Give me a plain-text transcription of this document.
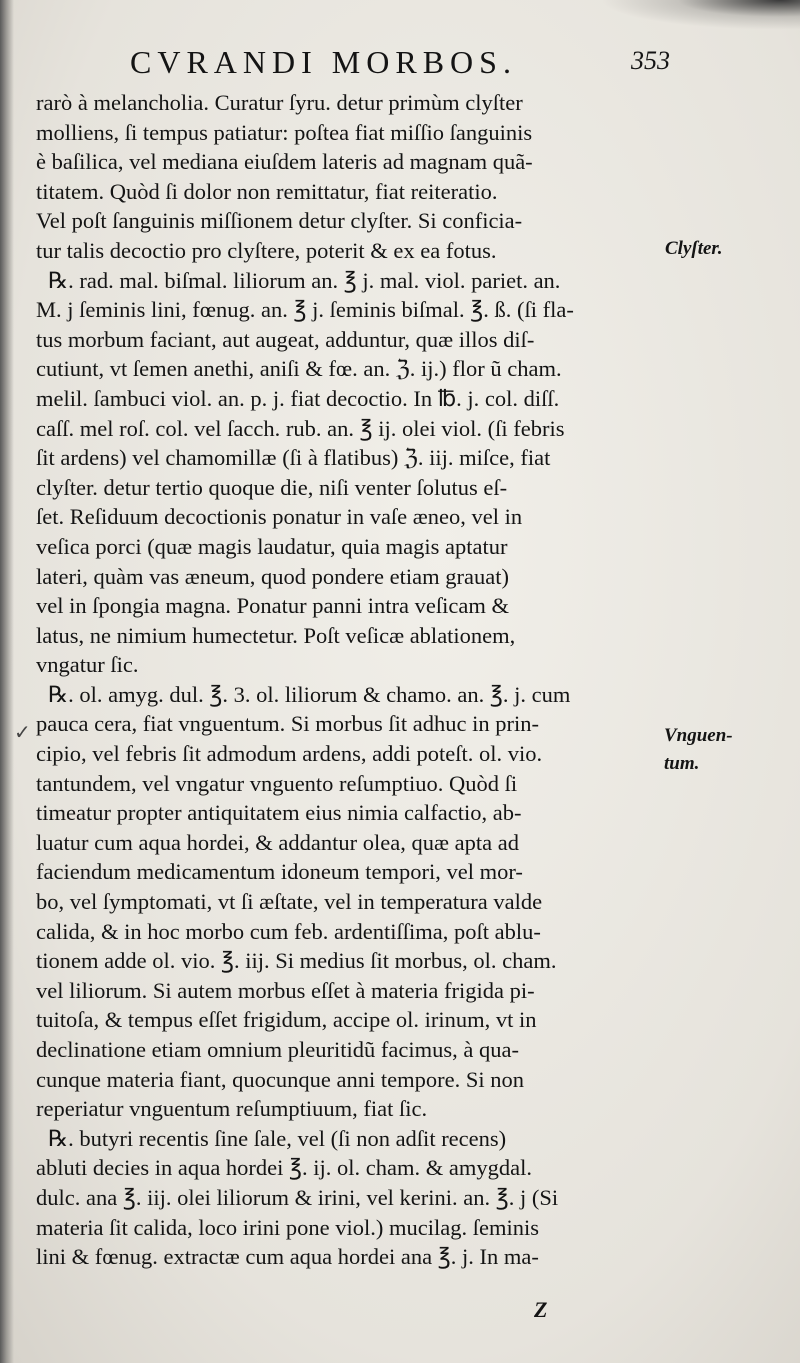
CVRANDI MORBOS.	353
rarò à melancholia. Curatur ſyru. detur primùm clyſter
molliens, ſi tempus patiatur: poſtea fiat miſſio ſanguinis
è baſilica, vel mediana eiuſdem lateris ad magnam quã-
titatem. Quòd ſi dolor non remittatur, fiat reiteratio.
Vel poſt ſanguinis miſſionem detur clyſter. Si conficia-
tur talis decoctio pro clyſtere, poterit & ex ea fotus.
℞. rad. mal. biſmal. liliorum an. ℥ j. mal. viol. pariet. an.
M. j ſeminis lini, fœnug. an. ℥ j. ſeminis biſmal. ℥. ß. (ſi fla-
tus morbum faciant, aut augeat, adduntur, quæ illos diſ-
cutiunt, vt ſemen anethi, aniſi & fœ. an. ℨ. ij.) flor ũ cham.
melil. ſambuci viol. an. p. j. fiat decoctio. In ℔. j. col. diſſ.
caſſ. mel roſ. col. vel ſacch. rub. an. ℥ ij. olei viol. (ſi febris
ſit ardens) vel chamomillæ (ſi à flatibus) ℨ. iij. miſce, fiat
clyſter. detur tertio quoque die, niſi venter ſolutus eſ-
ſet. Reſiduum decoctionis ponatur in vaſe æneo, vel in
veſica porci (quæ magis laudatur, quia magis aptatur
lateri, quàm vas æneum, quod pondere etiam grauat)
vel in ſpongia magna. Ponatur panni intra veſicam &
latus, ne nimium humectetur. Poſt veſicæ ablationem,
vngatur ſic.
℞. ol. amyg. dul. ℥. 3. ol. liliorum & chamo. an. ℥. j. cum
pauca cera, fiat vnguentum. Si morbus ſit adhuc in prin-
cipio, vel febris ſit admodum ardens, addi poteſt. ol. vio.
tantundem, vel vngatur vnguento reſumptiuo. Quòd ſi
timeatur propter antiquitatem eius nimia calfactio, ab-
luatur cum aqua hordei, & addantur olea, quæ apta ad
faciendum medicamentum idoneum tempori, vel mor-
bo, vel ſymptomati, vt ſi æſtate, vel in temperatura valde
calida, & in hoc morbo cum feb. ardentiſſima, poſt ablu-
tionem adde ol. vio. ℥. iij. Si medius ſit morbus, ol. cham.
vel liliorum. Si autem morbus eſſet à materia frigida pi-
tuitoſa, & tempus eſſet frigidum, accipe ol. irinum, vt in
declinatione etiam omnium pleuritidũ facimus, à qua-
cunque materia fiant, quocunque anni tempore. Si non
reperiatur vnguentum reſumptiuum, fiat ſic.
℞. butyri recentis ſine ſale, vel (ſi non adſit recens)
abluti decies in aqua hordei ℥. ij. ol. cham. & amygdal.
dulc. ana ℥. iij. olei liliorum & irini, vel kerini. an. ℥. j (Si
materia ſit calida, loco irini pone viol.) mucilag. ſeminis
lini & fœnug. extractæ cum aqua hordei ana ℥. j. In ma-
Clyſter.
Vnguen-
tum.
✓
Z
